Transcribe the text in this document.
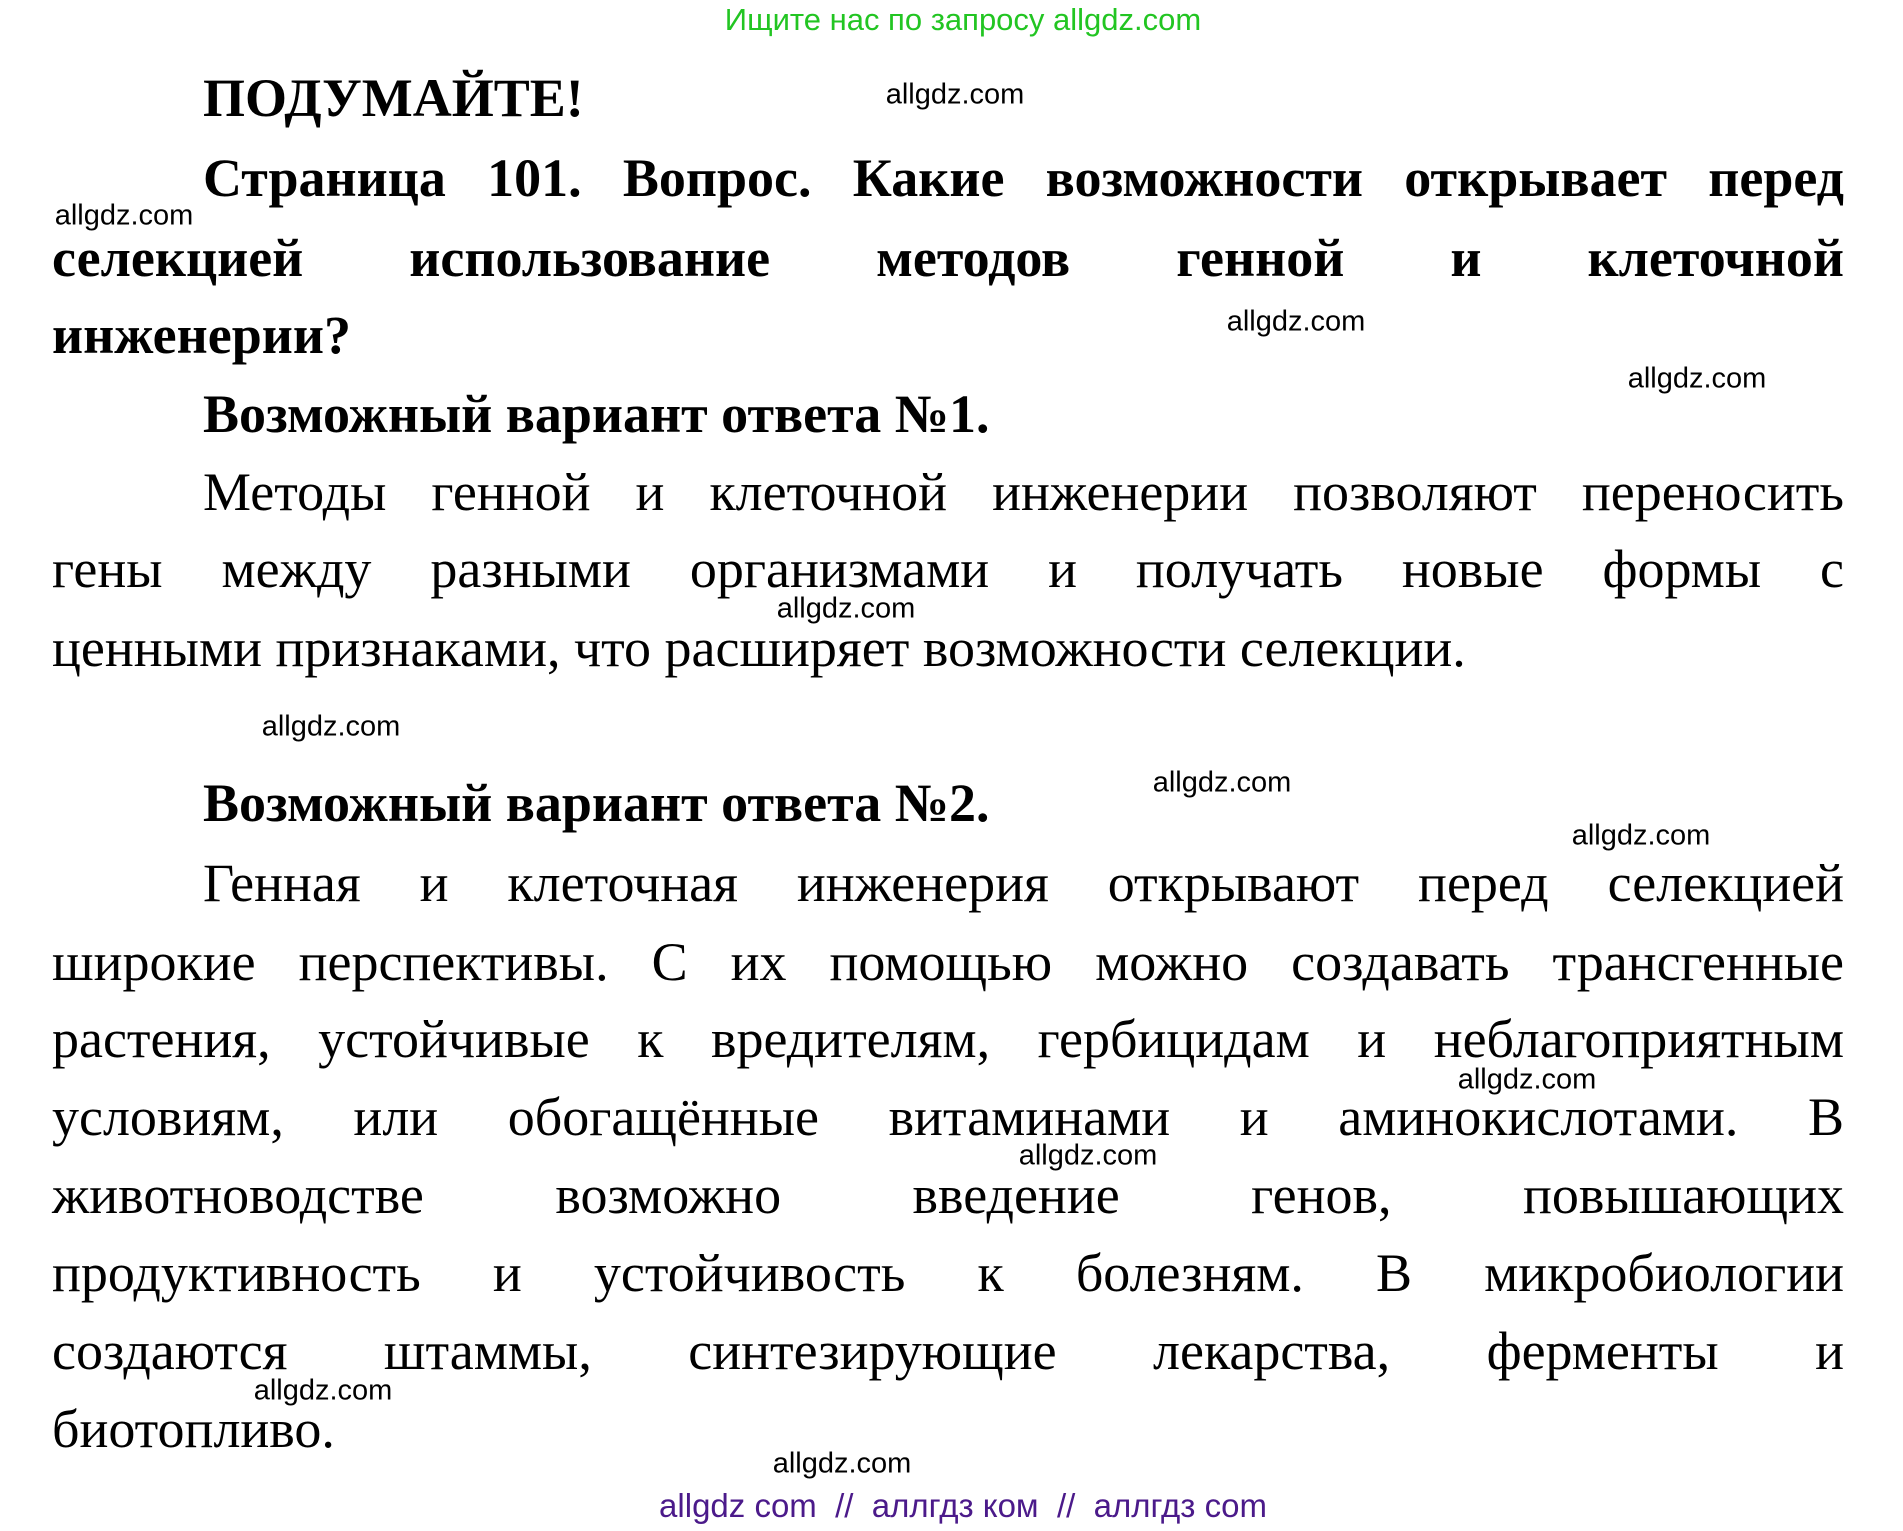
Ищите нас по запросу allgdz.com
ПОДУМАЙТЕ!
Страница 101. Вопрос. Какие возможности открывает перед
селекцией использование методов генной и клеточной
инженерии?
Возможный вариант ответа №1.
Методы генной и клеточной инженерии позволяют переносить
гены между разными организмами и получать новые формы с
ценными признаками, что расширяет возможности селекции.
Возможный вариант ответа №2.
Генная и клеточная инженерия открывают перед селекцией
широкие перспективы. С их помощью можно создавать трансгенные
растения, устойчивые к вредителям, гербицидам и неблагоприятным
условиям, или обогащённые витаминами и аминокислотами. В
животноводстве возможно введение генов, повышающих
продуктивность и устойчивость к болезням. В микробиологии
создаются штаммы, синтезирующие лекарства, ферменты и
биотопливо.
allgdz.com
allgdz.com
allgdz.com
allgdz.com
allgdz.com
allgdz.com
allgdz.com
allgdz.com
allgdz.com
allgdz.com
allgdz.com
allgdz.com
allgdz com  //  аллгдз ком  //  аллгдз com
